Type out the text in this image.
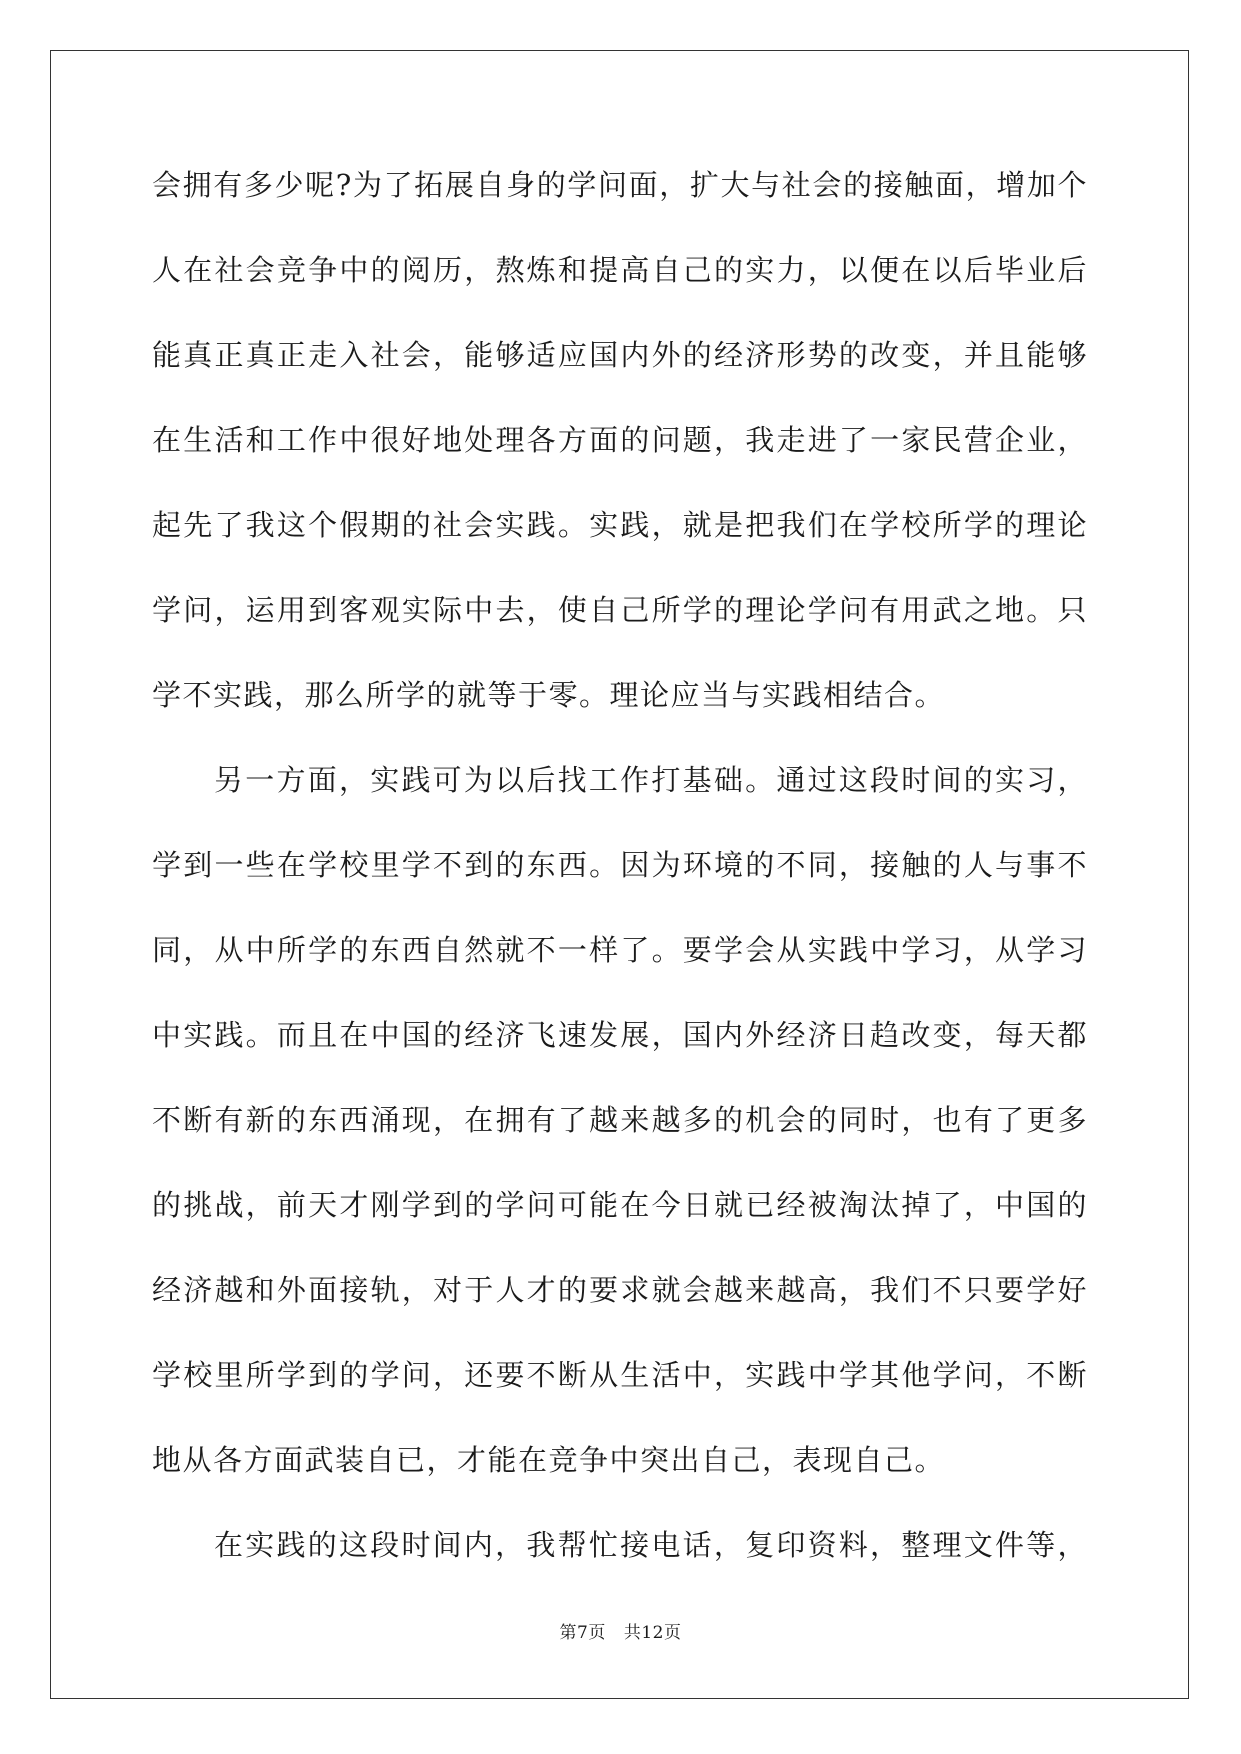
会拥有多少呢?为了拓展自身的学问面，扩大与社会的接触面，增加个
人在社会竞争中的阅历，熬炼和提高自己的实力，以便在以后毕业后
能真正真正走入社会，能够适应国内外的经济形势的改变，并且能够
在生活和工作中很好地处理各方面的问题，我走进了一家民营企业，
起先了我这个假期的社会实践。实践，就是把我们在学校所学的理论
学问，运用到客观实际中去，使自己所学的理论学问有用武之地。只
学不实践，那么所学的就等于零。理论应当与实践相结合。
另一方面，实践可为以后找工作打基础。通过这段时间的实习，
学到一些在学校里学不到的东西。因为环境的不同，接触的人与事不
同，从中所学的东西自然就不一样了。要学会从实践中学习，从学习
中实践。而且在中国的经济飞速发展，国内外经济日趋改变，每天都
不断有新的东西涌现，在拥有了越来越多的机会的同时，也有了更多
的挑战，前天才刚学到的学问可能在今日就已经被淘汰掉了，中国的
经济越和外面接轨，对于人才的要求就会越来越高，我们不只要学好
学校里所学到的学问，还要不断从生活中，实践中学其他学问，不断
地从各方面武装自已，才能在竞争中突出自己，表现自己。
在实践的这段时间内，我帮忙接电话，复印资料，整理文件等，
第7页 共12页
